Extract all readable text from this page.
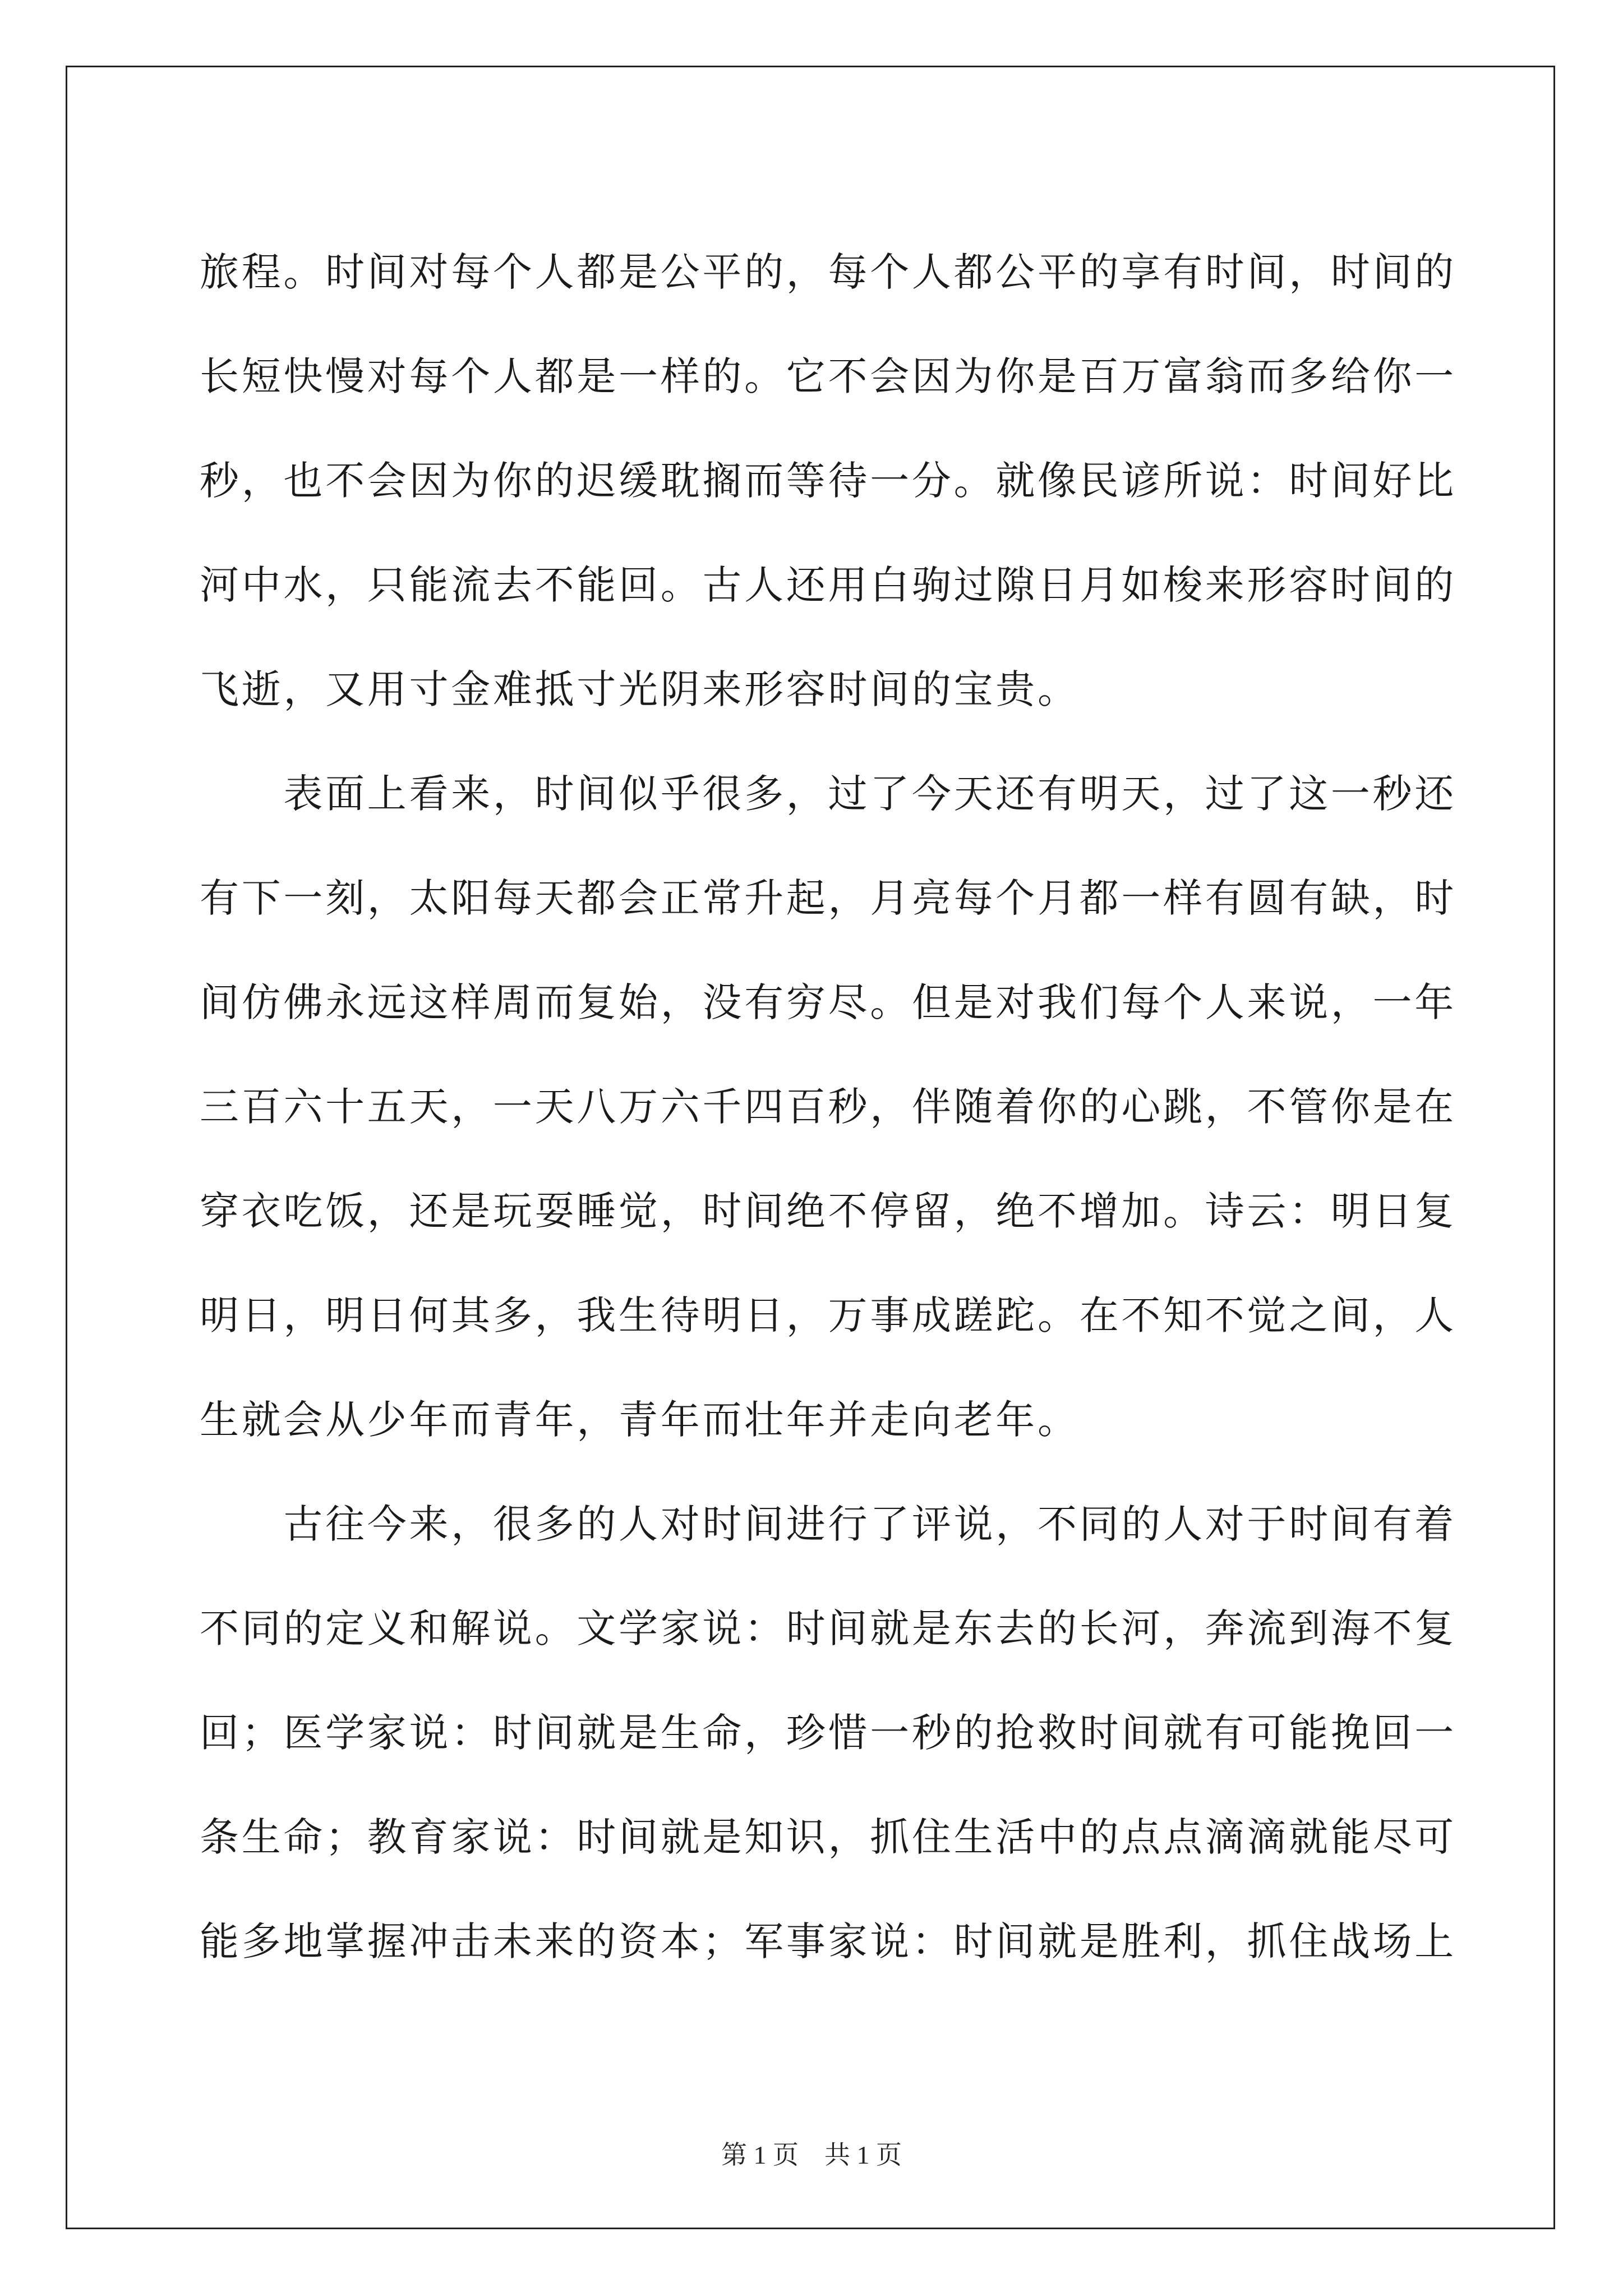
旅程。时间对每个人都是公平的，每个人都公平的享有时间，时间的
长短快慢对每个人都是一样的。它不会因为你是百万富翁而多给你一
秒，也不会因为你的迟缓耽搁而等待一分。就像民谚所说：时间好比
河中水，只能流去不能回。古人还用白驹过隙日月如梭来形容时间的
飞逝，又用寸金难抵寸光阴来形容时间的宝贵。
　　表面上看来，时间似乎很多，过了今天还有明天，过了这一秒还
有下一刻，太阳每天都会正常升起，月亮每个月都一样有圆有缺，时
间仿佛永远这样周而复始，没有穷尽。但是对我们每个人来说，一年
三百六十五天，一天八万六千四百秒，伴随着你的心跳，不管你是在
穿衣吃饭，还是玩耍睡觉，时间绝不停留，绝不增加。诗云：明日复
明日，明日何其多，我生待明日，万事成蹉跎。在不知不觉之间，人
生就会从少年而青年，青年而壮年并走向老年。
　　古往今来，很多的人对时间进行了评说，不同的人对于时间有着
不同的定义和解说。文学家说：时间就是东去的长河，奔流到海不复
回；医学家说：时间就是生命，珍惜一秒的抢救时间就有可能挽回一
条生命；教育家说：时间就是知识，抓住生活中的点点滴滴就能尽可
能多地掌握冲击未来的资本；军事家说：时间就是胜利，抓住战场上
第 1 页　共 1 页
